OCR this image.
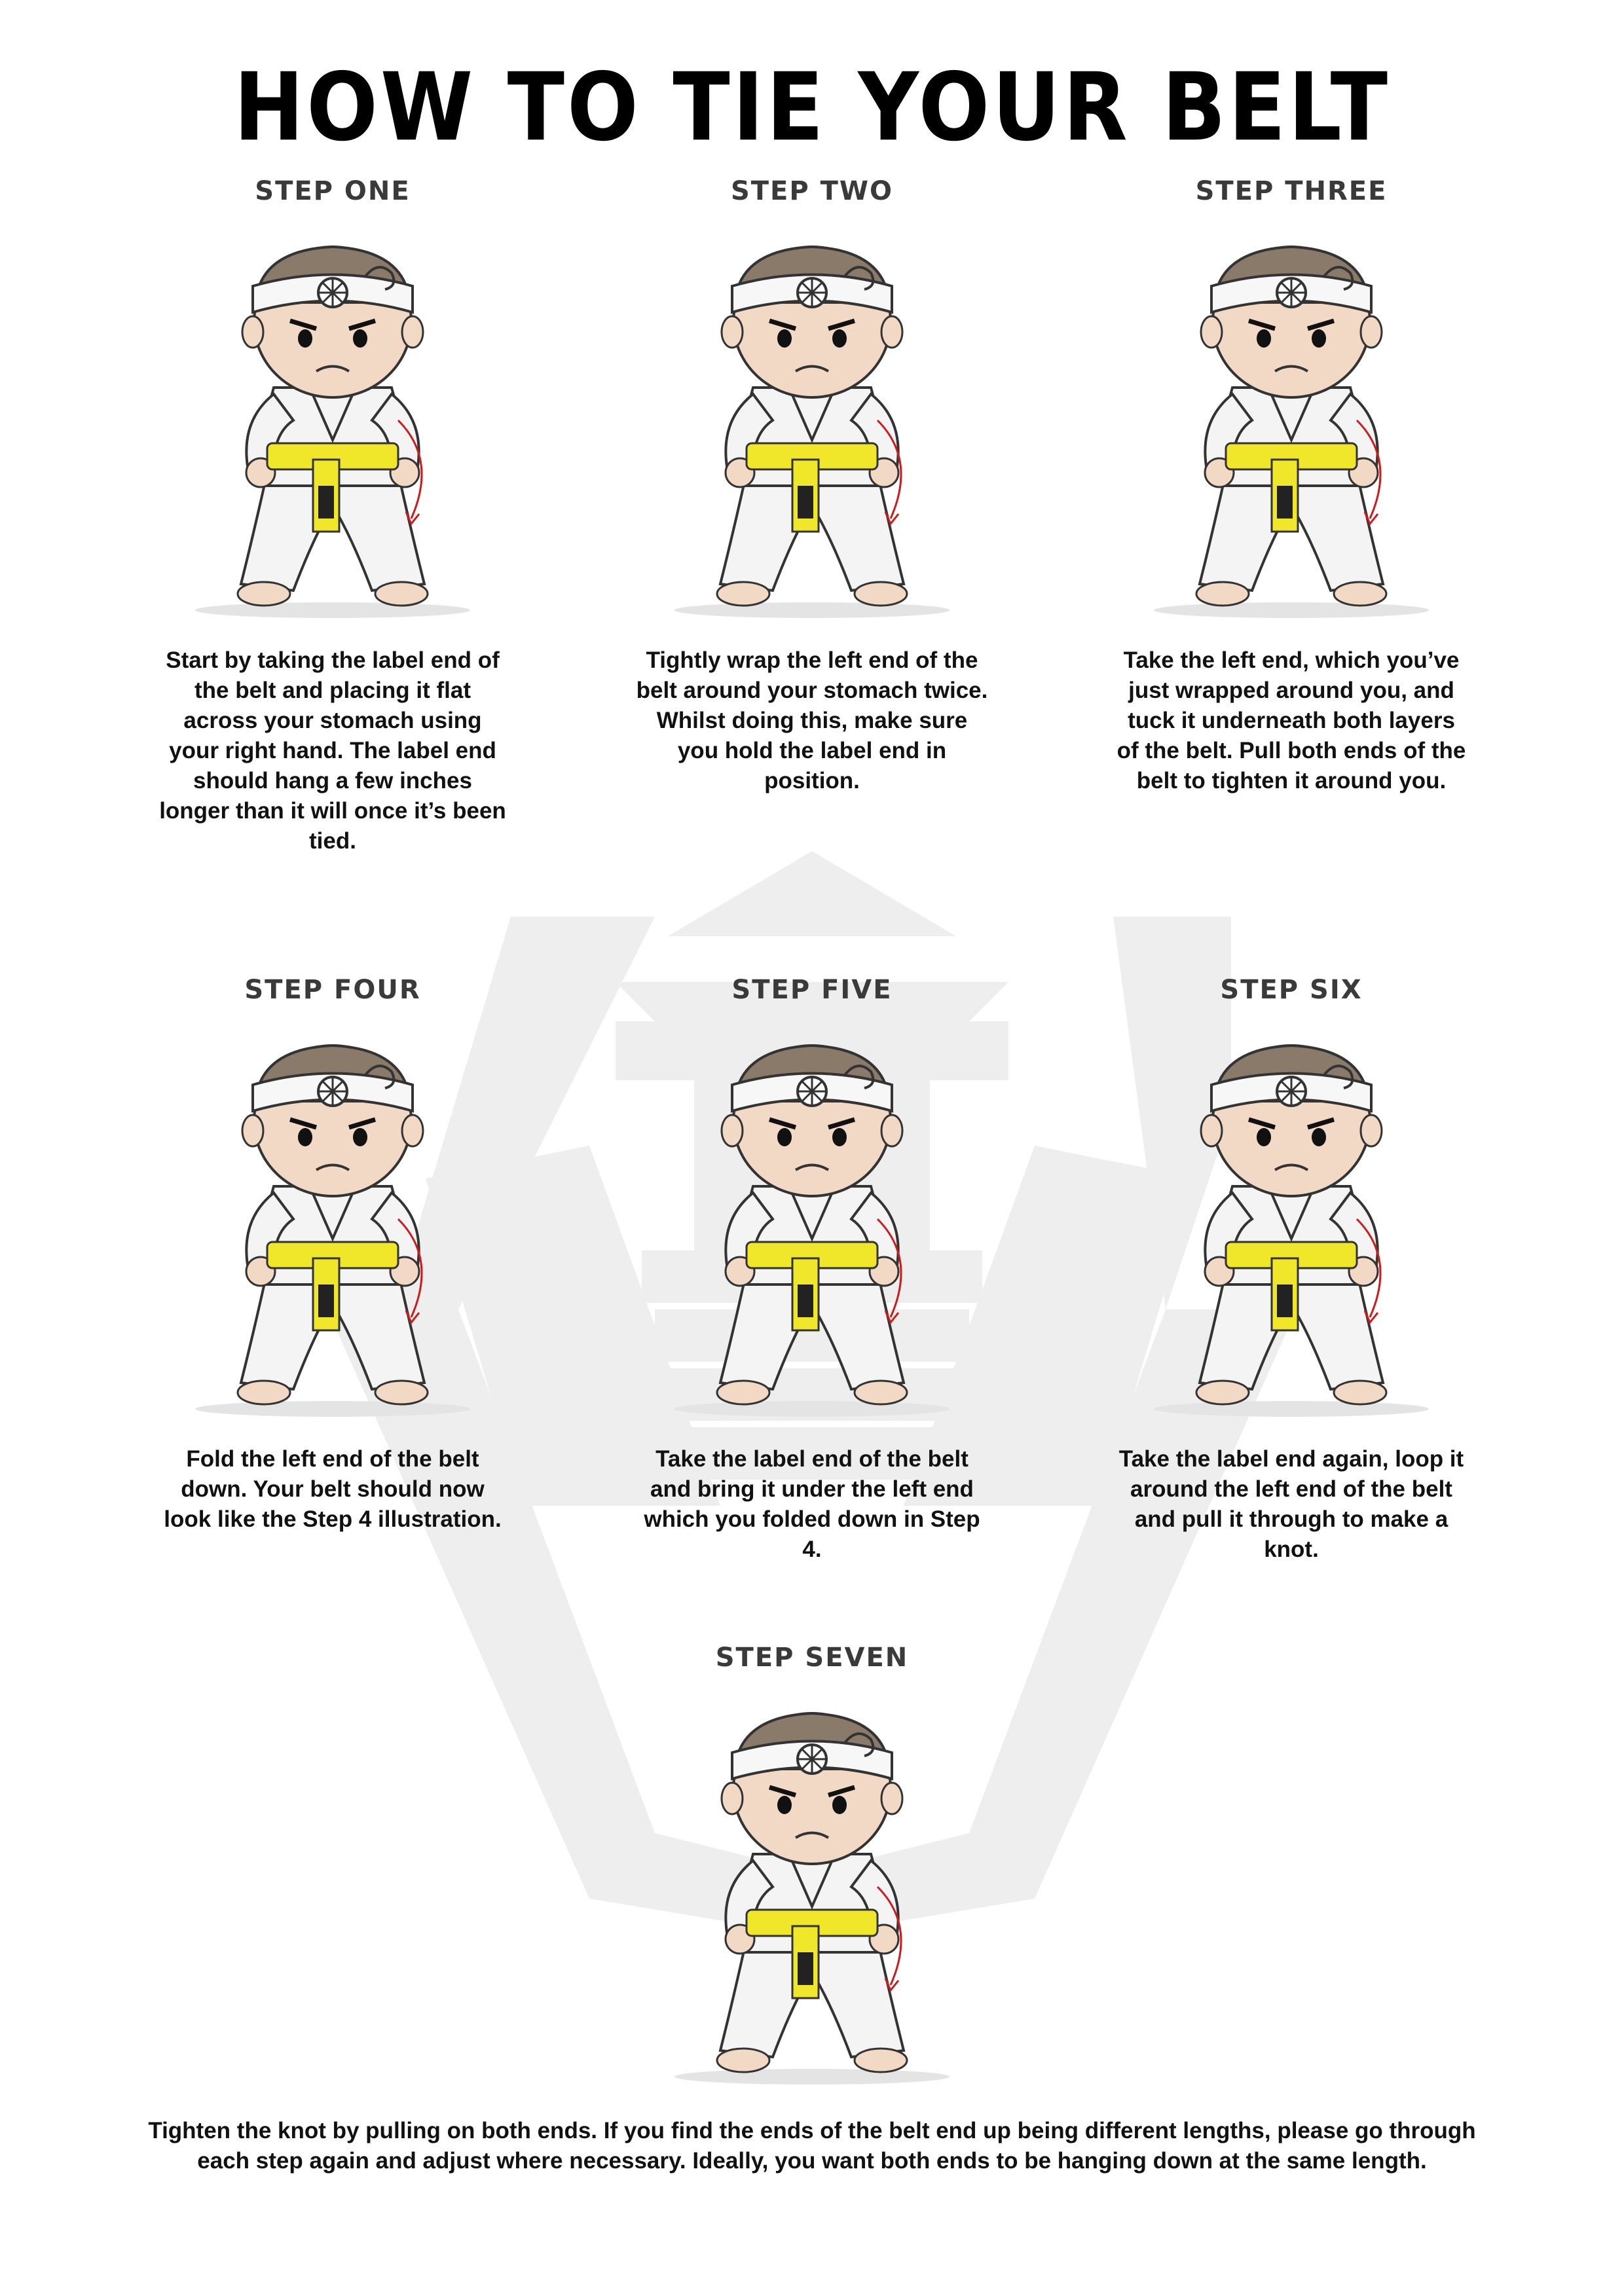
HOW TO TIE YOUR BELT
STEP ONE
Start by taking the label end of the belt and placing it flat across your stomach using your right hand. The label end should hang a few inches longer than it will once it’s been tied.
STEP TWO
Tightly wrap the left end of the belt around your stomach twice. Whilst doing this, make sure you hold the label end in position.
STEP THREE
Take the left end, which you’ve just wrapped around you, and tuck it underneath both layers of the belt. Pull both ends of the belt to tighten it around you.
STEP FOUR
Fold the left end of the belt down. Your belt should now look like the Step 4 illustration.
STEP FIVE
Take the label end of the belt and bring it under the left end which you folded down in Step 4.
STEP SIX
Take the label end again, loop it around the left end of the belt and pull it through to make a knot.
STEP SEVEN

Tighten the knot by pulling on both ends. If you find the ends of the belt end up being different lengths, please go through each step again and adjust where necessary. Ideally, you want both ends to be hanging down at the same length.
